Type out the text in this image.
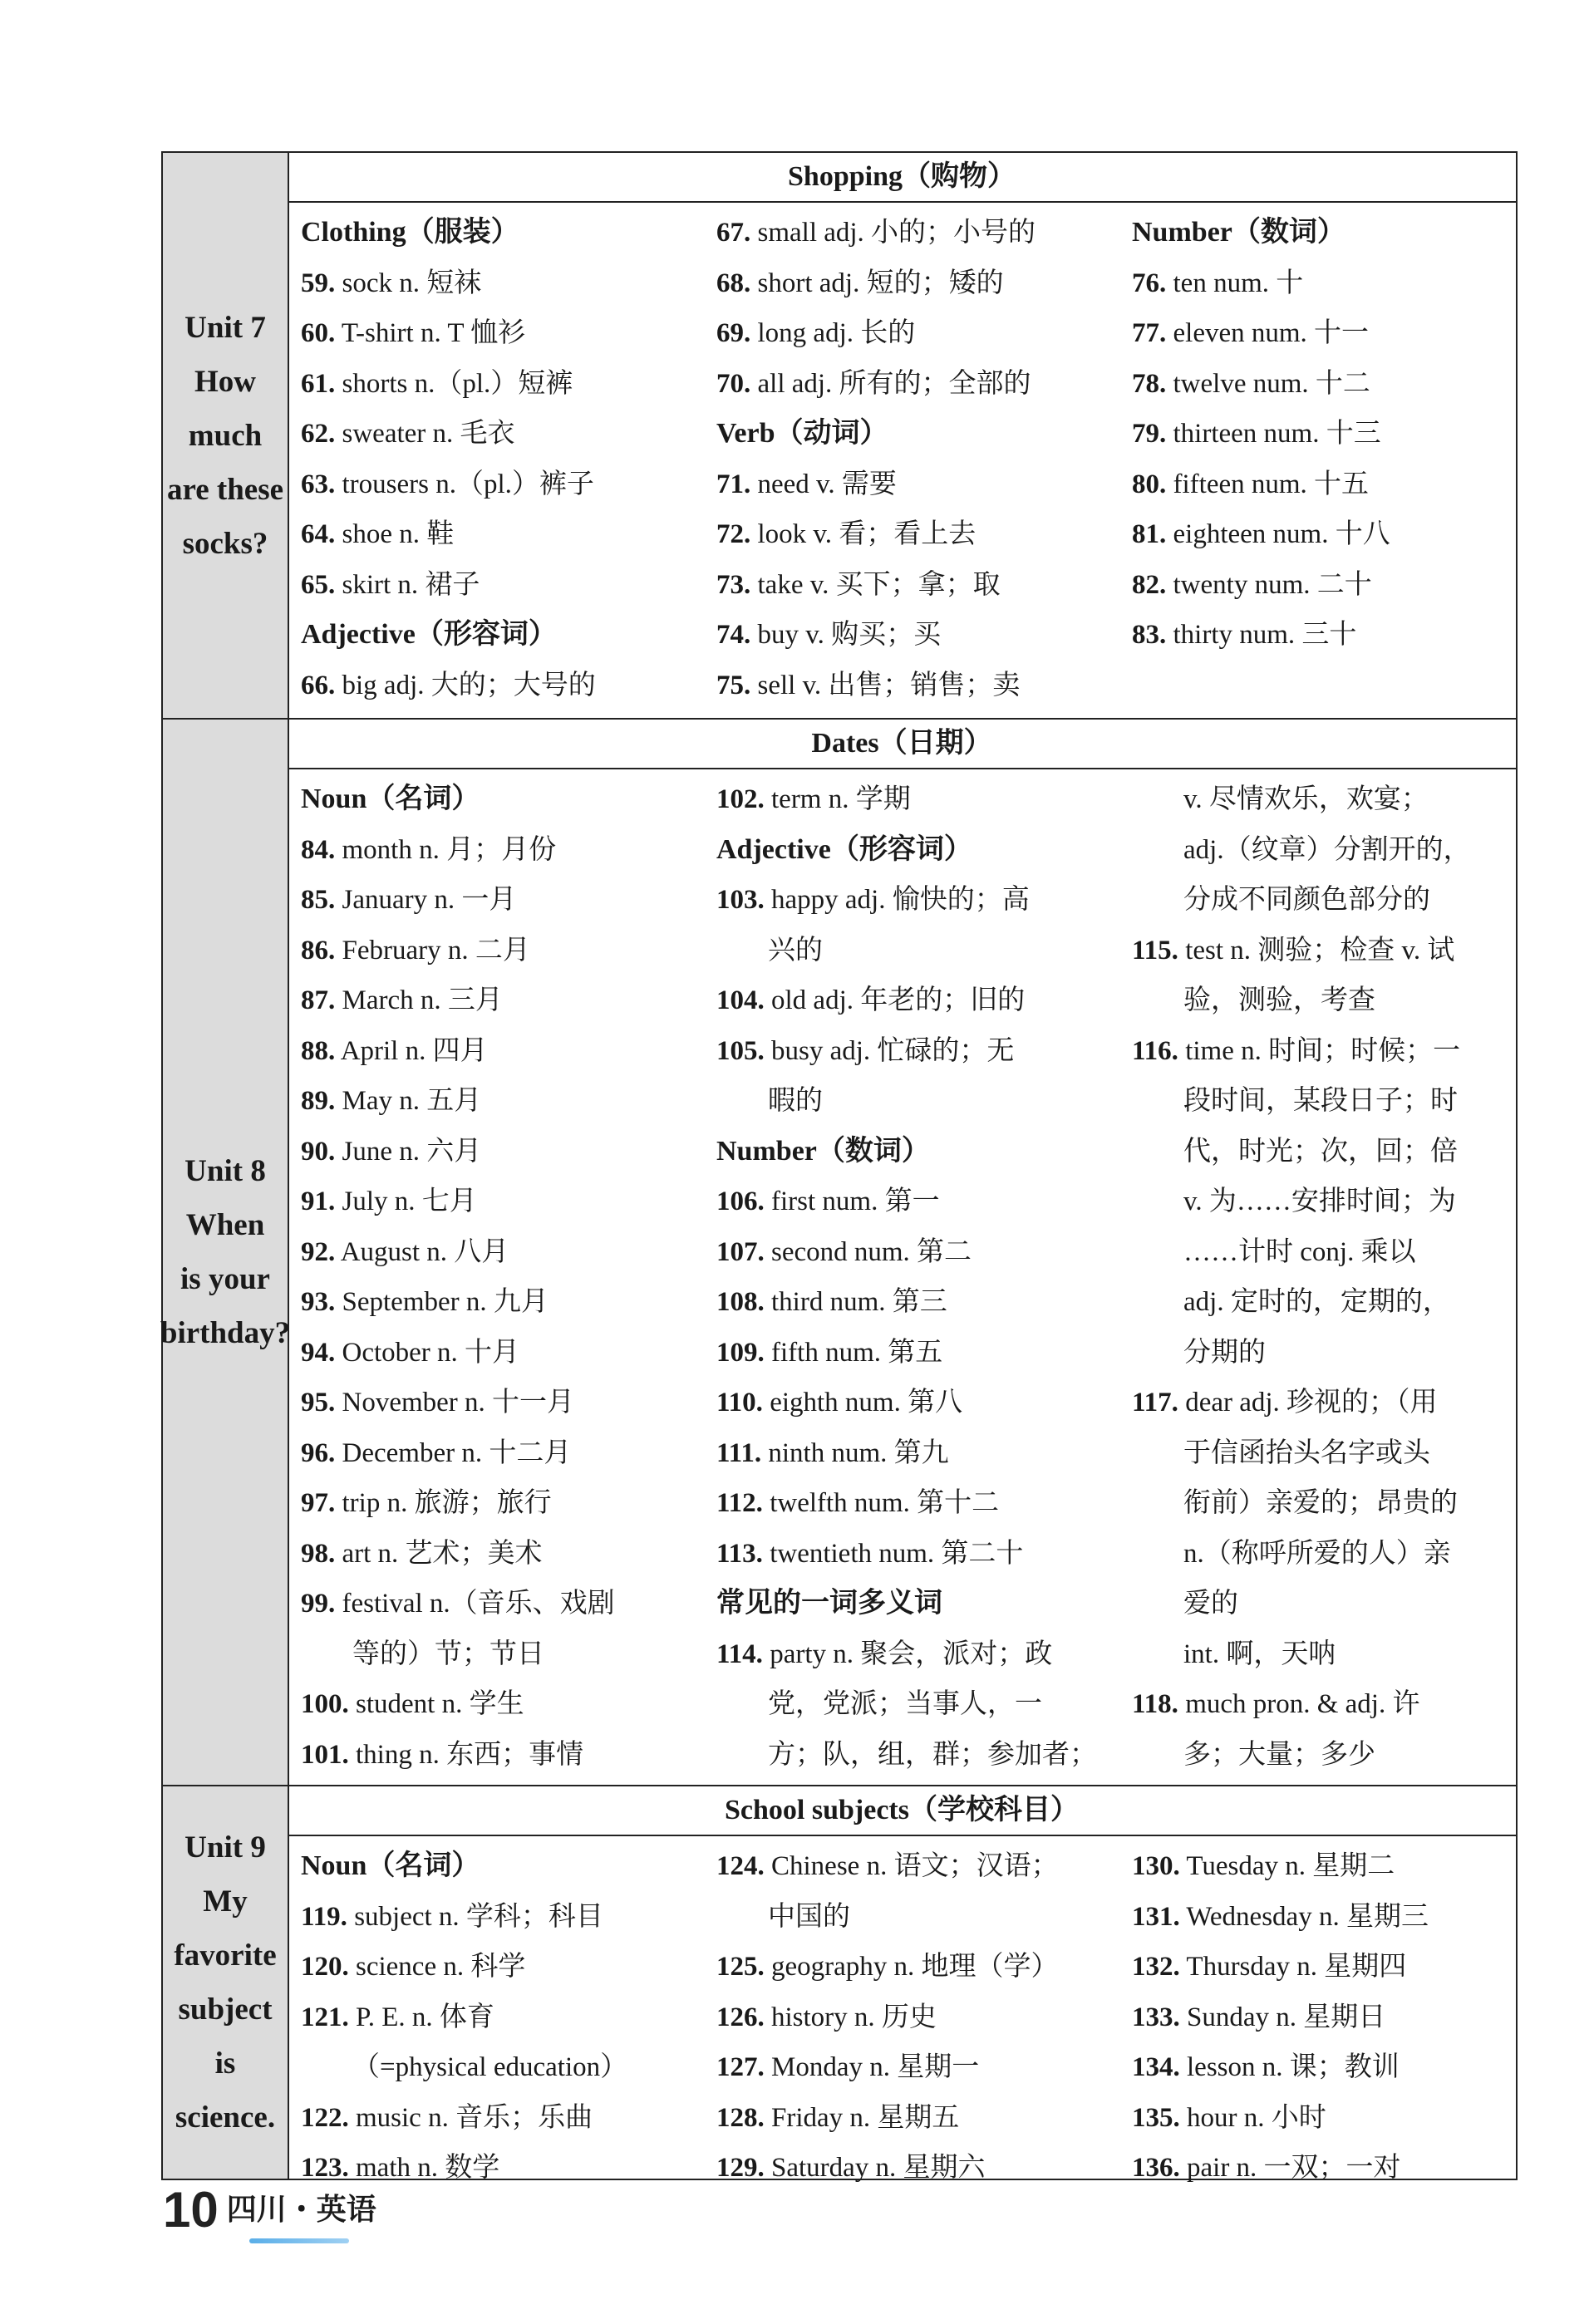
Unit 7
How
much
are these
socks?
Shopping（购物）
Clothing（服装）
59. sock n. 短袜
60. T-shirt n. T 恤衫
61. shorts n.（pl.）短裤
62. sweater n. 毛衣
63. trousers n.（pl.）裤子
64. shoe n. 鞋
65. skirt n. 裙子
Adjective（形容词）
66. big adj. 大的；大号的
67. small adj. 小的；小号的
68. short adj. 短的；矮的
69. long adj. 长的
70. all adj. 所有的；全部的
Verb（动词）
71. need v. 需要
72. look v. 看；看上去
73. take v. 买下；拿；取
74. buy v. 购买；买
75. sell v. 出售；销售；卖
Number（数词）
76. ten num. 十
77. eleven num. 十一
78. twelve num. 十二
79. thirteen num. 十三
80. fifteen num. 十五
81. eighteen num. 十八
82. twenty num. 二十
83. thirty num. 三十
Unit 8
When
is your
birthday?
Dates（日期）
Noun（名词）
84. month n. 月；月份
85. January n. 一月
86. February n. 二月
87. March n. 三月
88. April n. 四月
89. May n. 五月
90. June n. 六月
91. July n. 七月
92. August n. 八月
93. September n. 九月
94. October n. 十月
95. November n. 十一月
96. December n. 十二月
97. trip n. 旅游；旅行
98. art n. 艺术；美术
99. festival n.（音乐、戏剧
等的）节；节日
100. student n. 学生
101. thing n. 东西；事情
102. term n. 学期
Adjective（形容词）
103. happy adj. 愉快的；高
兴的
104. old adj. 年老的；旧的
105. busy adj. 忙碌的；无
暇的
Number（数词）
106. first num. 第一
107. second num. 第二
108. third num. 第三
109. fifth num. 第五
110. eighth num. 第八
111. ninth num. 第九
112. twelfth num. 第十二
113. twentieth num. 第二十
常见的一词多义词
114. party n. 聚会，派对；政
党，党派；当事人，一
方；队，组，群；参加者；
v. 尽情欢乐，欢宴；
adj.（纹章）分割开的，
分成不同颜色部分的
115. test n. 测验；检查 v. 试
验，测验，考查
116. time n. 时间；时候；一
段时间，某段日子；时
代，时光；次，回；倍
v. 为……安排时间；为
……计时 conj. 乘以
adj. 定时的，定期的，
分期的
117. dear adj. 珍视的；（用
于信函抬头名字或头
衔前）亲爱的；昂贵的
n.（称呼所爱的人）亲
爱的
int. 啊，天呐
118. much pron. & adj. 许
多；大量；多少
Unit 9
My
favorite
subject
is
science.
School subjects（学校科目）
Noun（名词）
119. subject n. 学科；科目
120. science n. 科学
121. P. E. n. 体育
（=physical education）
122. music n. 音乐；乐曲
123. math n. 数学
124. Chinese n. 语文；汉语；
中国的
125. geography n. 地理（学）
126. history n. 历史
127. Monday n. 星期一
128. Friday n. 星期五
129. Saturday n. 星期六
130. Tuesday n. 星期二
131. Wednesday n. 星期三
132. Thursday n. 星期四
133. Sunday n. 星期日
134. lesson n. 课；教训
135. hour n. 小时
136. pair n. 一双；一对
10 四川・英语
